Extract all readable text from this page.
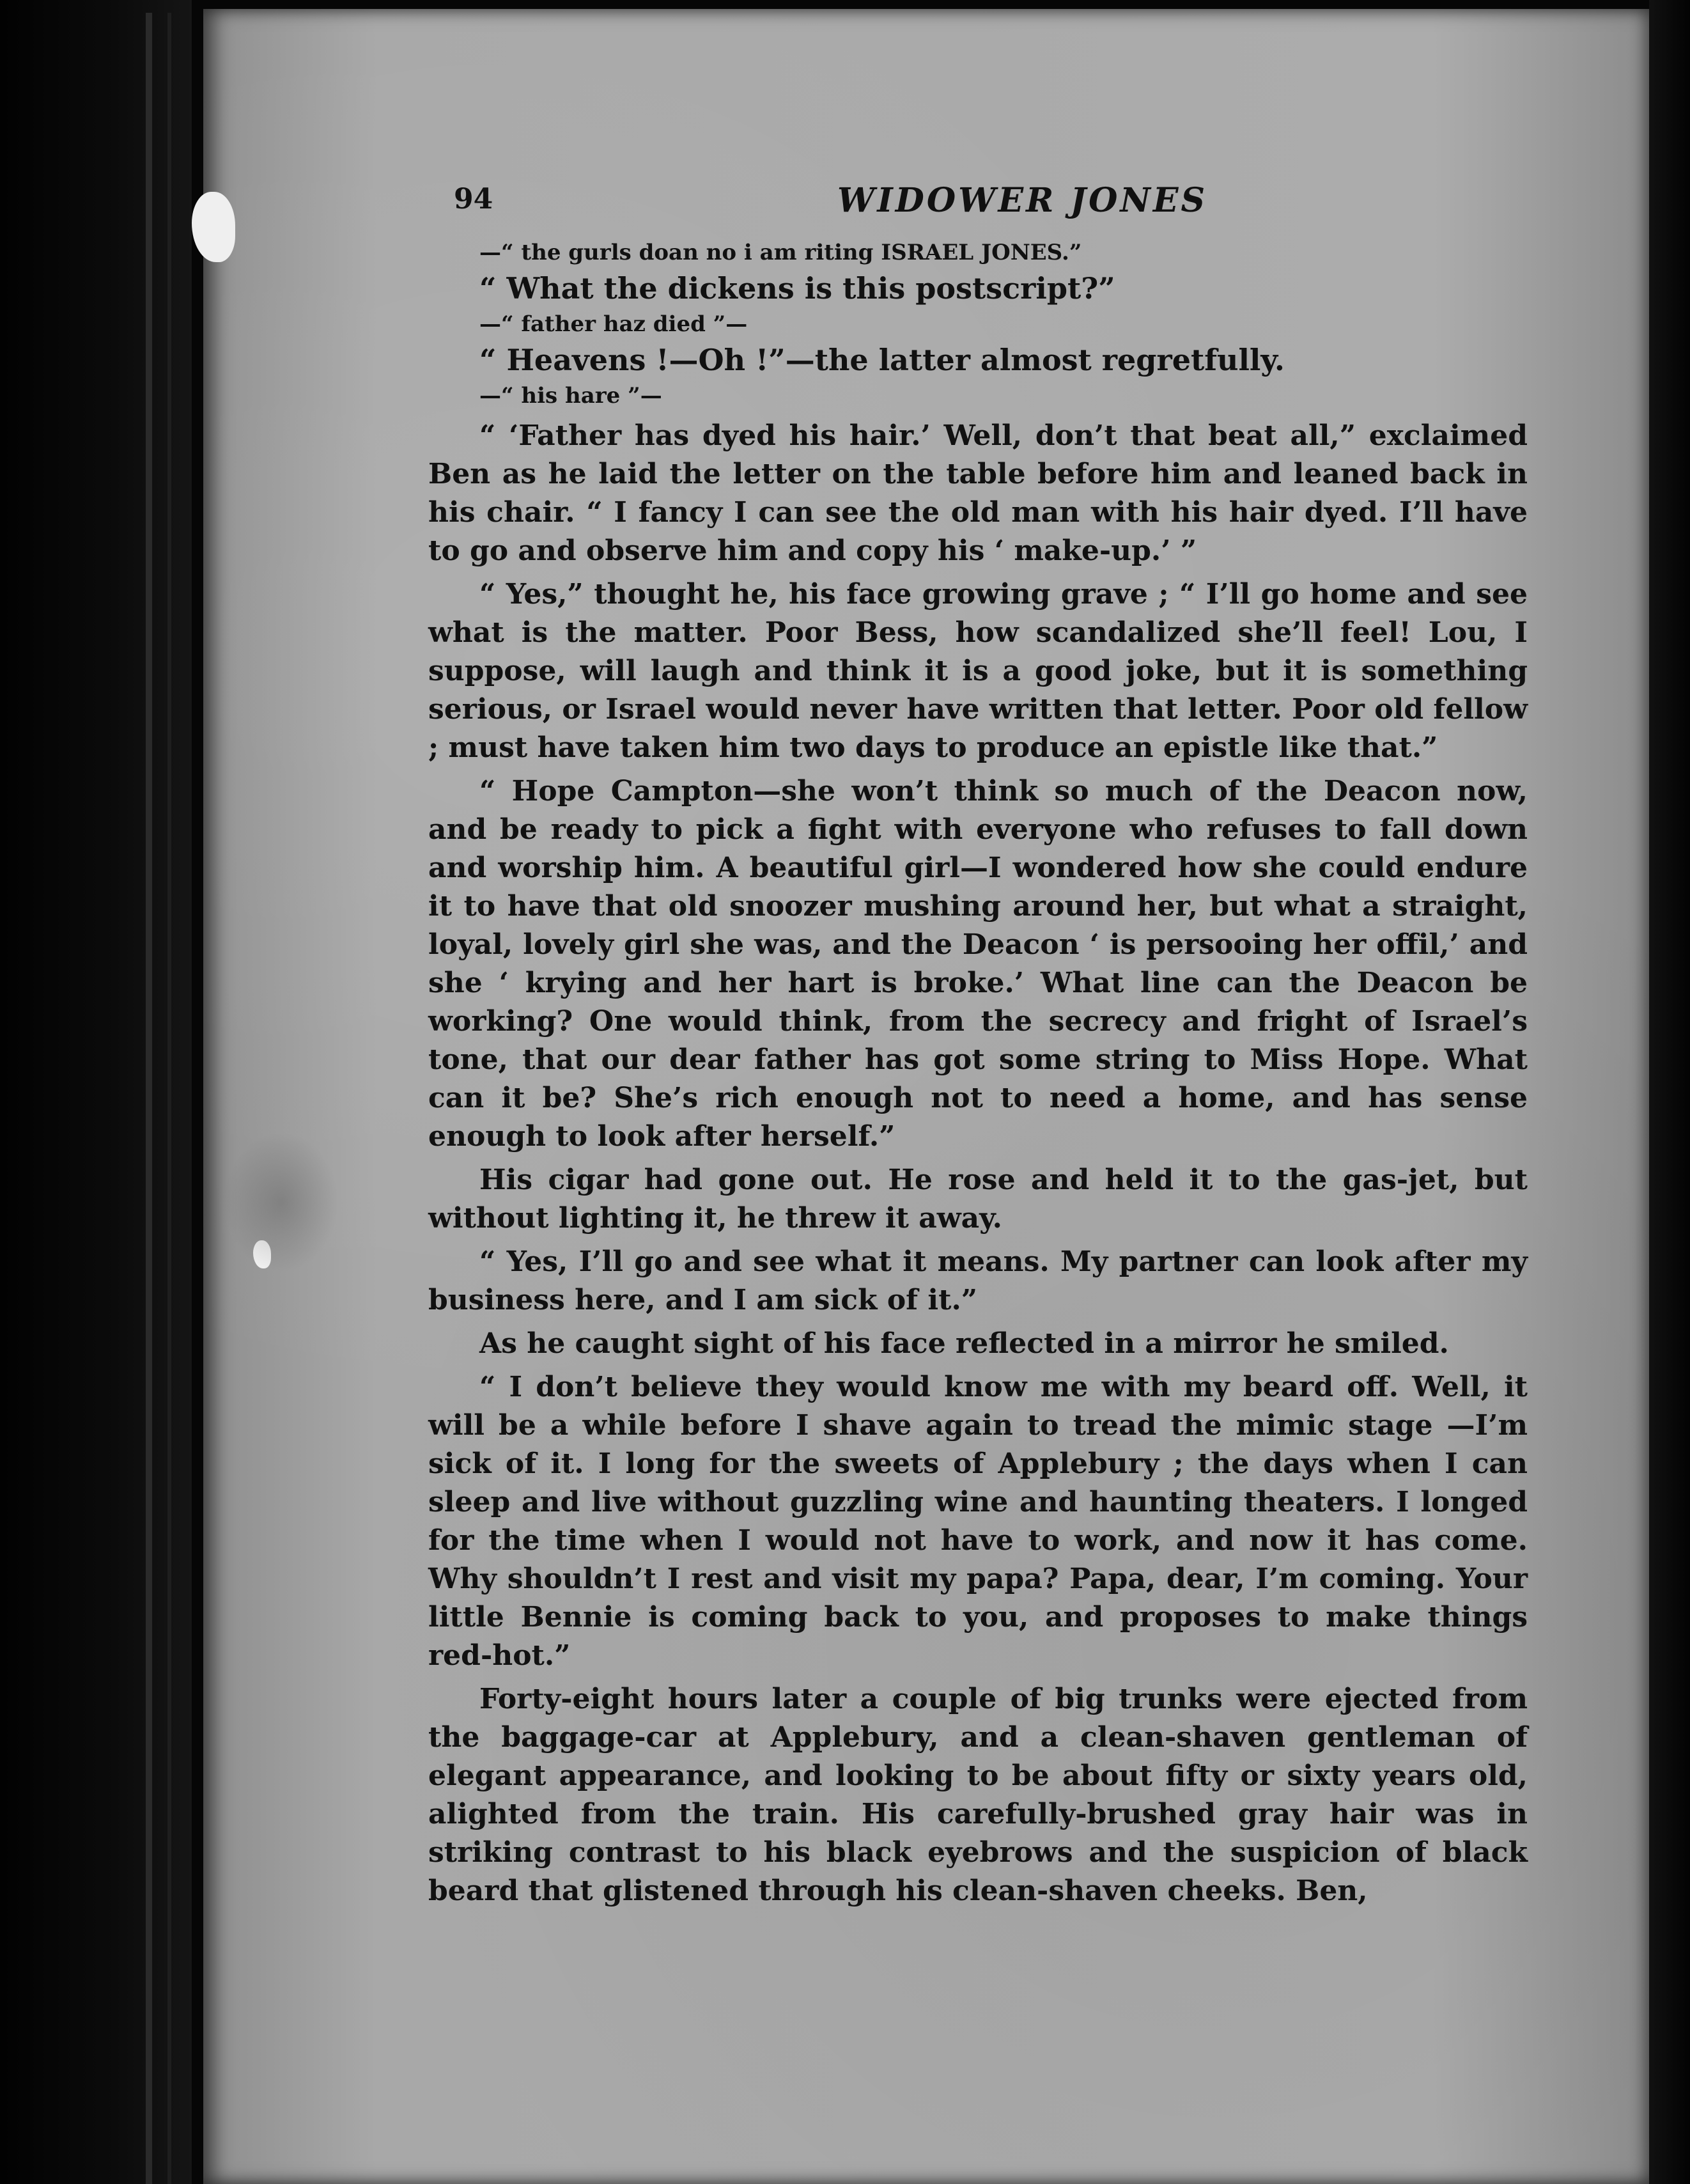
94	WIDOWER JONES

—“ the gurls doan no i am riting ISRAEL JONES.”

“ What the dickens is this postscript?”

—“ father haz died ”—

“ Heavens !—Oh !”—the latter almost regretfully.

—“ his hare ”—

“ ‘Father has dyed his hair.’ Well, don’t that beat all,” exclaimed Ben as he laid the letter on the table before him and leaned back in his chair. “ I fancy I can see the old man with his hair dyed. I’ll have to go and observe him and copy his ‘ make-up.’ ”

“ Yes,” thought he, his face growing grave ; “ I’ll go home and see what is the matter. Poor Bess, how scandalized she’ll feel! Lou, I suppose, will laugh and think it is a good joke, but it is something serious, or Israel would never have written that letter. Poor old fellow ; must have taken him two days to produce an epistle like that.”

“ Hope Campton—she won’t think so much of the Deacon now, and be ready to pick a fight with everyone who refuses to fall down and worship him. A beautiful girl—I wondered how she could endure it to have that old snoozer mushing around her, but what a straight, loyal, lovely girl she was, and the Deacon ‘ is persooing her offil,’ and she ‘ krying and her hart is broke.’ What line can the Deacon be working? One would think, from the secrecy and fright of Israel’s tone, that our dear father has got some string to Miss Hope. What can it be? She’s rich enough not to need a home, and has sense enough to look after herself.”

His cigar had gone out. He rose and held it to the gas-jet, but without lighting it, he threw it away.

“ Yes, I’ll go and see what it means. My partner can look after my business here, and I am sick of it.”

As he caught sight of his face reflected in a mirror he smiled.

“ I don’t believe they would know me with my beard off. Well, it will be a while before I shave again to tread the mimic stage —I’m sick of it. I long for the sweets of Applebury ; the days when I can sleep and live without guzzling wine and haunting theaters. I longed for the time when I would not have to work, and now it has come. Why shouldn’t I rest and visit my papa? Papa, dear, I’m coming. Your little Bennie is coming back to you, and proposes to make things red-hot.”

Forty-eight hours later a couple of big trunks were ejected from the baggage-car at Applebury, and a clean-shaven gentleman of elegant appearance, and looking to be about fifty or sixty years old, alighted from the train. His carefully-brushed gray hair was in striking contrast to his black eyebrows and the suspicion of black beard that glistened through his clean-shaven cheeks. Ben,
